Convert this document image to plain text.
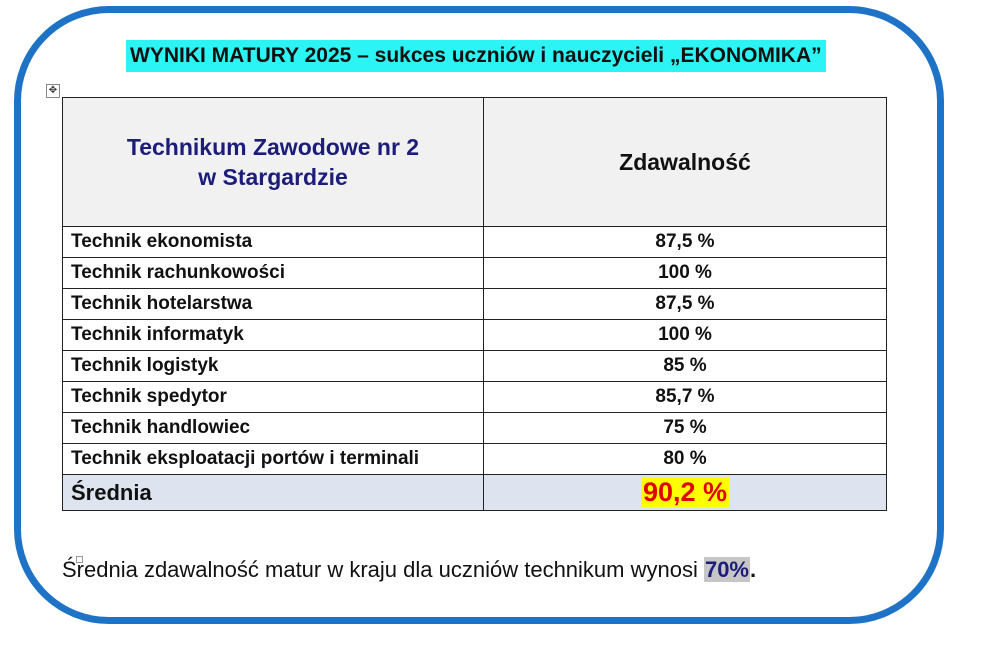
WYNIKI MATURY 2025 – sukces uczniów i nauczycieli „EKONOMIKA”
✥
Technikum Zawodowe nr 2
w Stargardzie	Zdawalność
Technik ekonomista	87,5 %
Technik rachunkowości	100 %
Technik hotelarstwa	87,5 %
Technik informatyk	100 %
Technik logistyk	85 %
Technik spedytor	85,7 %
Technik handlowiec	75 %
Technik eksploatacji portów i terminali	80 %
Średnia	90,2 %
Średnia zdawalność matur w kraju dla uczniów technikum wynosi 70%.
